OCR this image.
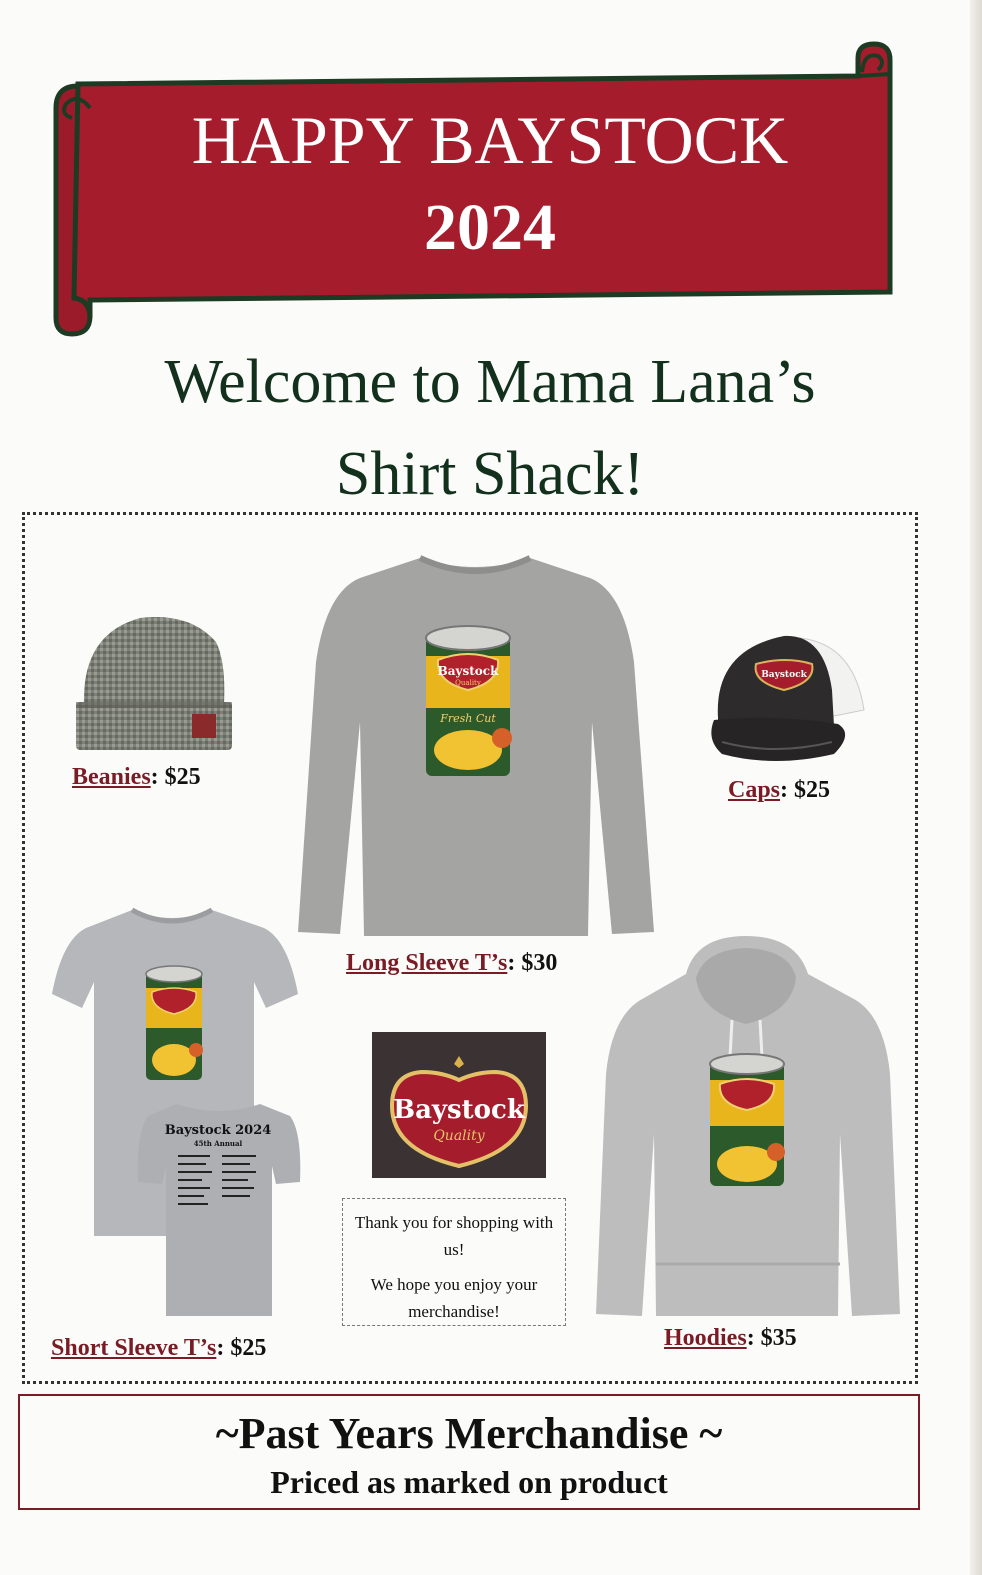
HAPPY BAYSTOCK
2024
Welcome to Mama Lana’s
Shirt Shack!
Beanies: $25
Baystock
Quality
Fresh Cut
Long Sleeve T’s: $30
Baystock
Caps: $25
Baystock 2024
45th Annual
Short Sleeve T’s: $25
Baystock
Quality

Thank you for shopping with us!

We hope you enjoy your merchandise!

Hoodies: $35
~Past Years Merchandise ~
Priced as marked on product
